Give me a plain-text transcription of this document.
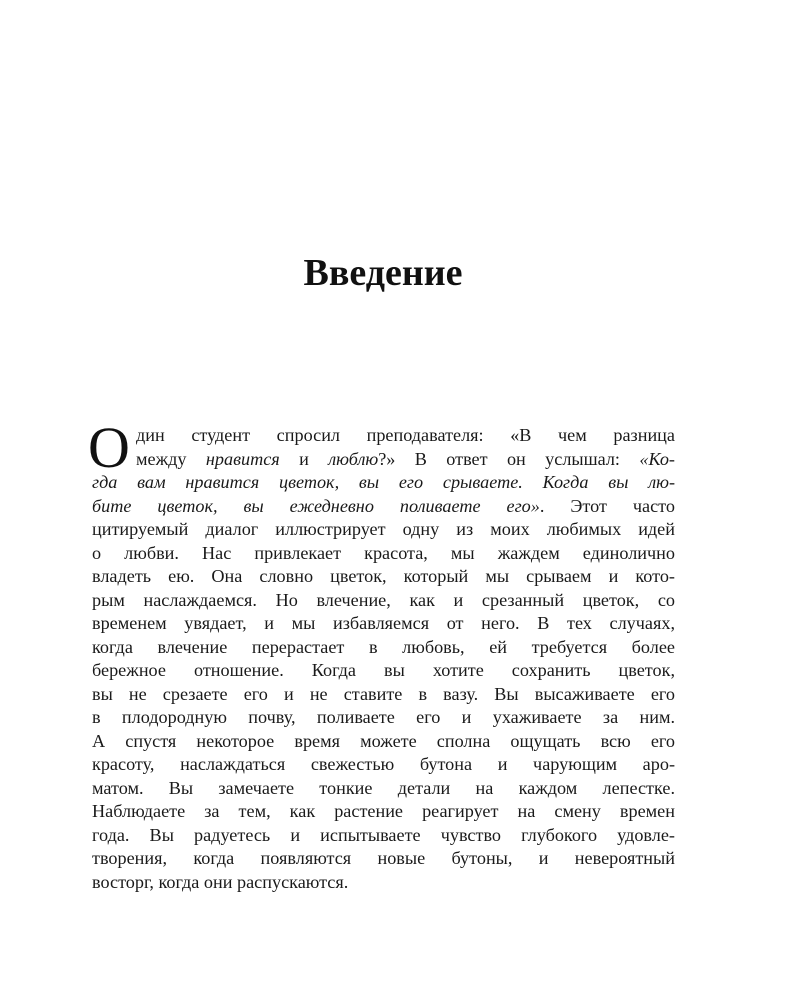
Введение
О дин студент спросил преподавателя: «В чем разница
между нравится и люблю?» В ответ он услышал: «Ко-
гда вам нравится цветок, вы его срываете. Когда вы лю-
бите цветок, вы ежедневно поливаете его». Этот часто
цитируемый диалог иллюстрирует одну из моих любимых идей
о любви. Нас привлекает красота, мы жаждем единолично
владеть ею. Она словно цветок, который мы срываем и кото-
рым наслаждаемся. Но влечение, как и срезанный цветок, со
временем увядает, и мы избавляемся от него. В тех случаях,
когда влечение перерастает в любовь, ей требуется более
бережное отношение. Когда вы хотите сохранить цветок,
вы не срезаете его и не ставите в вазу. Вы высаживаете его
в плодородную почву, поливаете его и ухаживаете за ним.
А спустя некоторое время можете сполна ощущать всю его
красоту, наслаждаться свежестью бутона и чарующим аро-
матом. Вы замечаете тонкие детали на каждом лепестке.
Наблюдаете за тем, как растение реагирует на смену времен
года. Вы радуетесь и испытываете чувство глубокого удовле-
творения, когда появляются новые бутоны, и невероятный
восторг, когда они распускаются.
